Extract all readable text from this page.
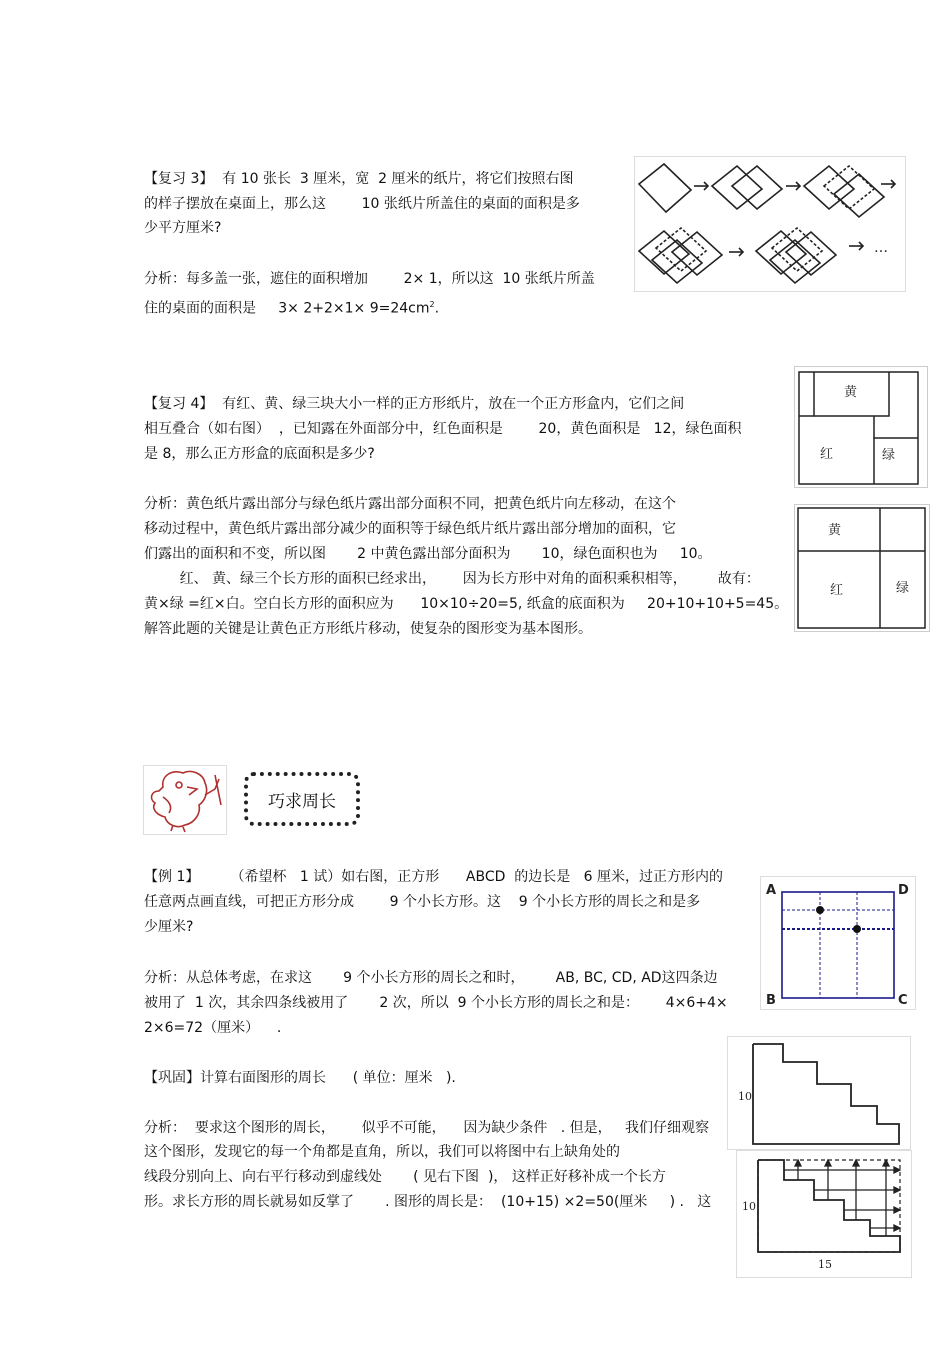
【复习 3】  有 10 张长  3 厘米，宽  2 厘米的纸片，将它们按照右图
的样子摆放在桌面上，那么这        10 张纸片所盖住的桌面的面积是多
少平方厘米?
分析：每多盖一张，遮住的面积增加        2× 1，所以这  10 张纸片所盖
住的桌面的面积是     $3\times 2+2\times 1\times 9=24cm^2$.
…
【复习 4】  有红、黄、绿三块大小一样的正方形纸片，放在一个正方形盒内，它们之间
相互叠合（如右图）  ，已知露在外面部分中，红色面积是        20，黄色面积是   12，绿色面积
是 8，那么正方形盒的底面积是多少?
分析：黄色纸片露出部分与绿色纸片露出部分面积不同，把黄色纸片向左移动，在这个
移动过程中，黄色纸片露出部分减少的面积等于绿色纸片纸片露出部分增加的面积，它
们露出的面积和不变，所以图       2 中黄色露出部分面积为       10，绿色面积也为     10。
红、 黄、绿三个长方形的面积已经求出，      因为长方形中对角的面积乘积相等，       故有：
黄×绿 =红×白。空白长方形的面积应为      10×10÷20=5, 纸盒的底面积为     20+10+10+5=45。
解答此题的关键是让黄色正方形纸片移动，使复杂的图形变为基本图形。
黄
红	绿
黄
红	绿
巧求周长
【例 1】       （希望杯   1 试）如右图，正方形      ABCD  的边长是   6 厘米，过正方形内的
任意两点画直线，可把正方形分成        9 个小长方形。这    9 个小长方形的周长之和是多
少厘米?
分析：从总体考虑，在求这       9 个小长方形的周长之和时，       AB, BC, CD, AD这四条边
被用了  1 次，其余四条线被用了       2 次，所以  9 个小长方形的周长之和是：      4×6+4×
2×6=72（厘米）    .
A	D
B	C
【巩固】计算右面图形的周长      ( 单位：厘米   ).
分析：  要求这个图形的周长，      似乎不可能，    因为缺少条件   . 但是，   我们仔细观察
这个图形，发现它的每一个角都是直角，所以，我们可以将图中右上缺角处的
线段分别向上、向右平行移动到虚线处       ( 见右下图  )， 这样正好移补成一个长方
形。求长方形的周长就易如反掌了       . 图形的周长是：  (10+15) ×2=50(厘米     ) .   这
10
10
15
